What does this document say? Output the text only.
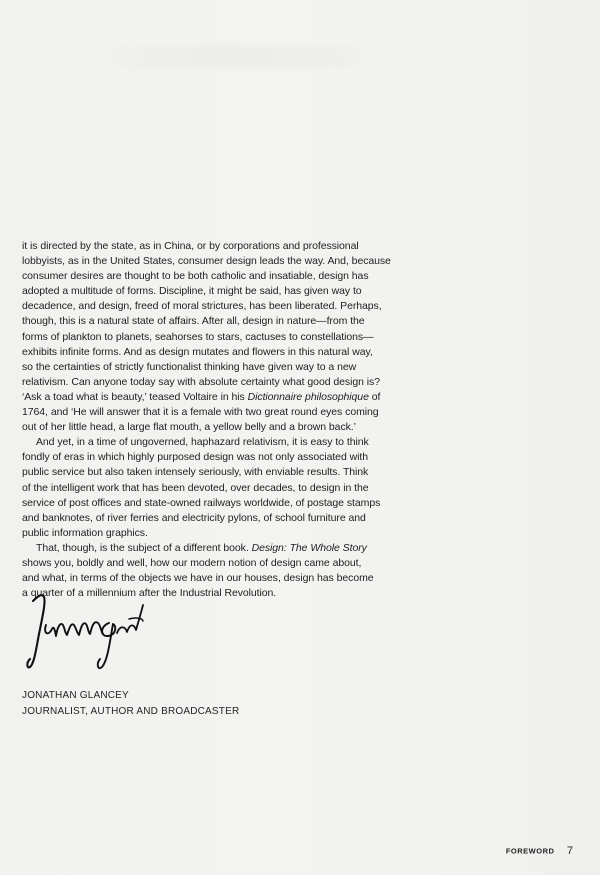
it is directed by the state, as in China, or by corporations and professional
lobbyists, as in the United States, consumer design leads the way. And, because
consumer desires are thought to be both catholic and insatiable, design has
adopted a multitude of forms. Discipline, it might be said, has given way to
decadence, and design, freed of moral strictures, has been liberated. Perhaps,
though, this is a natural state of affairs. After all, design in nature—from the
forms of plankton to planets, seahorses to stars, cactuses to constellations—
exhibits infinite forms. And as design mutates and flowers in this natural way,
so the certainties of strictly functionalist thinking have given way to a new
relativism. Can anyone today say with absolute certainty what good design is?
‘Ask a toad what is beauty,’ teased Voltaire in his Dictionnaire philosophique of
1764, and ‘He will answer that it is a female with two great round eyes coming
out of her little head, a large flat mouth, a yellow belly and a brown back.’

And yet, in a time of ungoverned, haphazard relativism, it is easy to think
fondly of eras in which highly purposed design was not only associated with
public service but also taken intensely seriously, with enviable results. Think
of the intelligent work that has been devoted, over decades, to design in the
service of post offices and state-owned railways worldwide, of postage stamps
and banknotes, of river ferries and electricity pylons, of school furniture and
public information graphics.

That, though, is the subject of a different book. Design: The Whole Story
shows you, boldly and well, how our modern notion of design came about,
and what, in terms of the objects we have in our houses, design has become
a quarter of a millennium after the Industrial Revolution.

JONATHAN GLANCEY
JOURNALIST, AUTHOR AND BROADCASTER
FOREWORD 7
